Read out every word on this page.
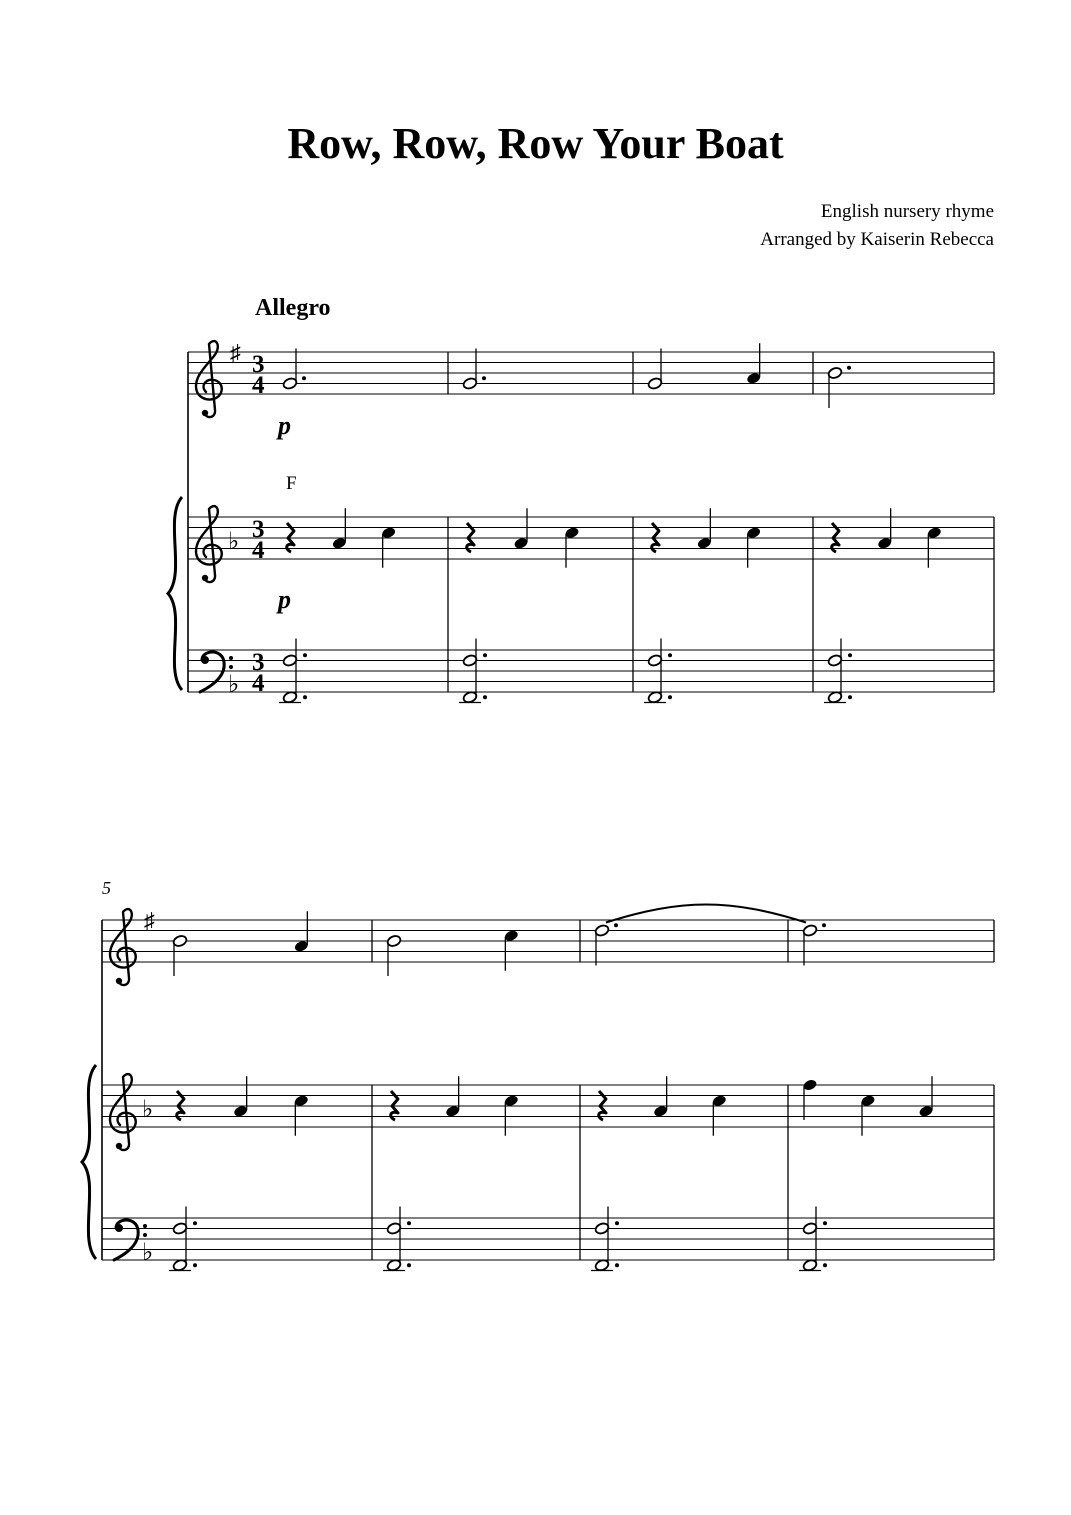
Row, Row, Row Your Boat
English nursery rhyme
Arranged by Kaiserin Rebecca
♯
♭
♭
3
4
3
4
3
4
Allegro
p
p
F
♯
♭
♭
5
